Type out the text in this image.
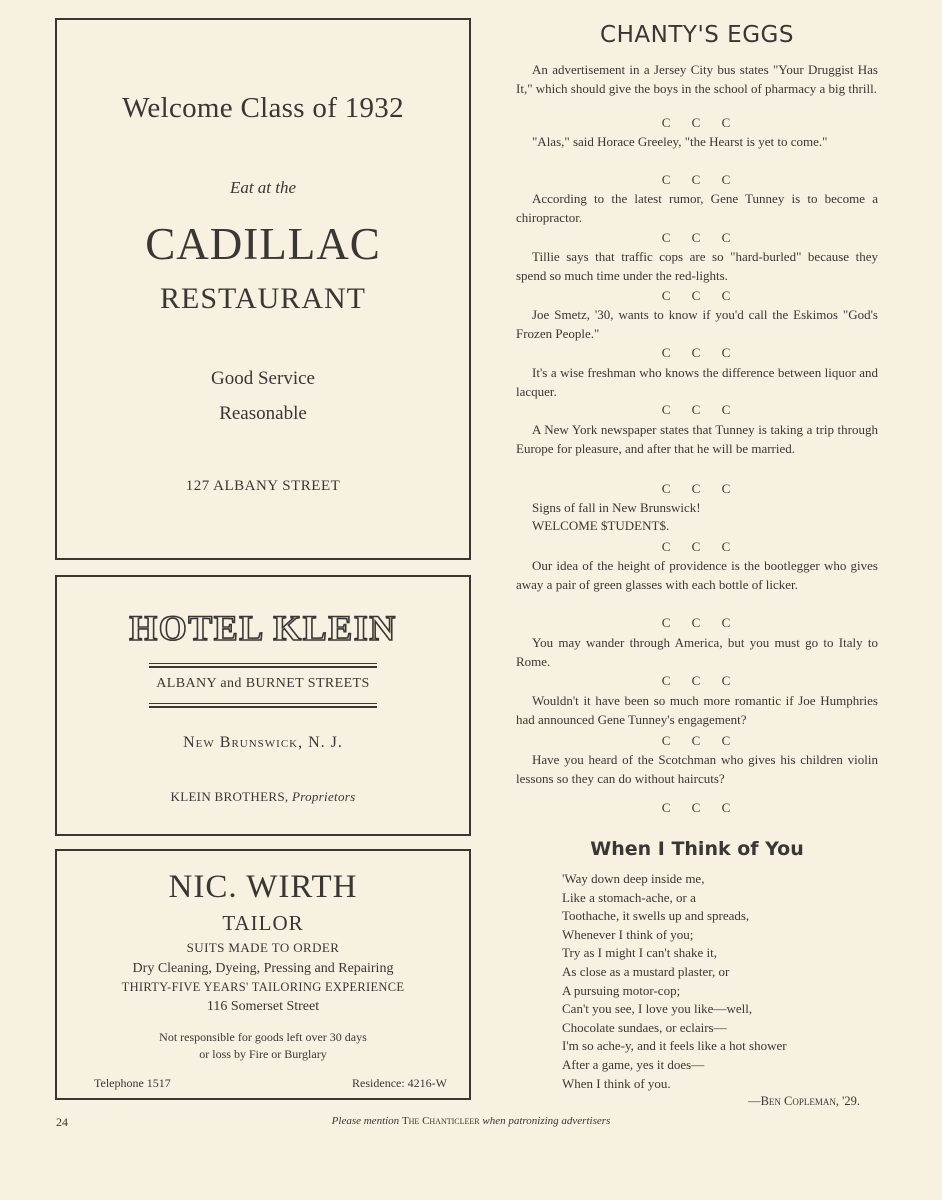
Welcome Class of 1932
Eat at the
CADILLAC
RESTAURANT
Good Service
Reasonable
127 ALBANY STREET
HOTEL KLEIN
ALBANY and BURNET STREETS
New Brunswick, N. J.
KLEIN BROTHERS, Proprietors
NIC. WIRTH
TAILOR
SUITS MADE TO ORDER
Dry Cleaning, Dyeing, Pressing and Repairing
THIRTY-FIVE YEARS' TAILORING EXPERIENCE
116 Somerset Street
Not responsible for goods left over 30 days
or loss by Fire or Burglary
Telephone 1517	Residence: 4216-W
CHANTY'S EGGS

An advertisement in a Jersey City bus states "Your Druggist Has It," which should give the boys in the school of pharmacy a big thrill.

C C C

"Alas," said Horace Greeley, "the Hearst is yet to come."

C C C

According to the latest rumor, Gene Tunney is to become a chiropractor.

C C C

Tillie says that traffic cops are so "hard-burled" because they spend so much time under the red-lights.

C C C

Joe Smetz, '30, wants to know if you'd call the Eskimos "God's Frozen People."

C C C

It's a wise freshman who knows the difference between liquor and lacquer.

C C C

A New York newspaper states that Tunney is taking a trip through Europe for pleasure, and after that he will be married.

C C C

Signs of fall in New Brunswick!

WELCOME $TUDENT$.
C C C

Our idea of the height of providence is the bootlegger who gives away a pair of green glasses with each bottle of licker.

C C C

You may wander through America, but you must go to Italy to Rome.

C C C

Wouldn't it have been so much more romantic if Joe Humphries had announced Gene Tunney's engagement?

C C C

Have you heard of the Scotchman who gives his children violin lessons so they can do without haircuts?

C C C
When I Think of You
'Way down deep inside me,
Like a stomach-ache, or a
Toothache, it swells up and spreads,
Whenever I think of you;
Try as I might I can't shake it,
As close as a mustard plaster, or
A pursuing motor-cop;
Can't you see, I love you like—well,
Chocolate sundaes, or eclairs—
I'm so ache-y, and it feels like a hot shower
After a game, yes it does—
When I think of you.
—Ben Copleman, '29.
24	Please mention The Chanticleer when patronizing advertisers
